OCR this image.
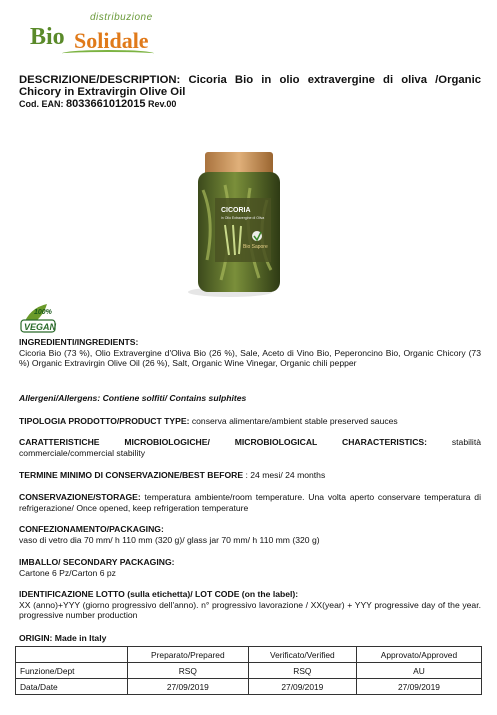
distribuzione
Bio Solidale
DESCRIZIONE/DESCRIPTION: Cicoria Bio in olio extravergine di oliva /Organic Chicory in Extravirgin Olive Oil
Cod. EAN: 8033661012015 Rev.00
CICORIA
in Olio Extravergine di Oliva
Bio Sapore
100%
VEGAN
INGREDIENTI/INGREDIENTS:
Cicoria Bio (73 %), Olio Extravergine d'Oliva Bio (26 %), Sale, Aceto di Vino Bio, Peperoncino Bio, Organic Chicory (73 %) Organic Extravirgin Olive Oil (26 %), Salt, Organic Wine Vinegar, Organic chili pepper
Allergeni/Allergens: Contiene solfiti/ Contains sulphites
TIPOLOGIA PRODOTTO/PRODUCT TYPE: conserva alimentare/ambient stable preserved sauces
CARATTERISTICHE MICROBIOLOGICHE/ MICROBIOLOGICAL CHARACTERISTICS: stabilità commerciale/commercial stability
TERMINE MINIMO DI CONSERVAZIONE/BEST BEFORE : 24 mesi/ 24 months
CONSERVAZIONE/STORAGE: temperatura ambiente/room temperature. Una volta aperto conservare temperatura di refrigerazione/ Once opened, keep refrigeration temperature
CONFEZIONAMENTO/PACKAGING:
vaso di vetro dia 70 mm/ h 110 mm (320 g)/ glass jar 70 mm/ h 110 mm (320 g)
IMBALLO/ SECONDARY PACKAGING:
Cartone 6 Pz/Carton 6 pz
IDENTIFICAZIONE LOTTO (sulla etichetta)/ LOT CODE (on the label):
XX (anno)+YYY (giorno progressivo dell'anno). n° progressivo lavorazione / XX(year) + YYY progressive day of the year. progressive number production
ORIGIN: Made in Italy
	Preparato/Prepared	Verificato/Verified	Approvato/Approved
Funzione/Dept	RSQ	RSQ	AU
Data/Date	27/09/2019	27/09/2019	27/09/2019
